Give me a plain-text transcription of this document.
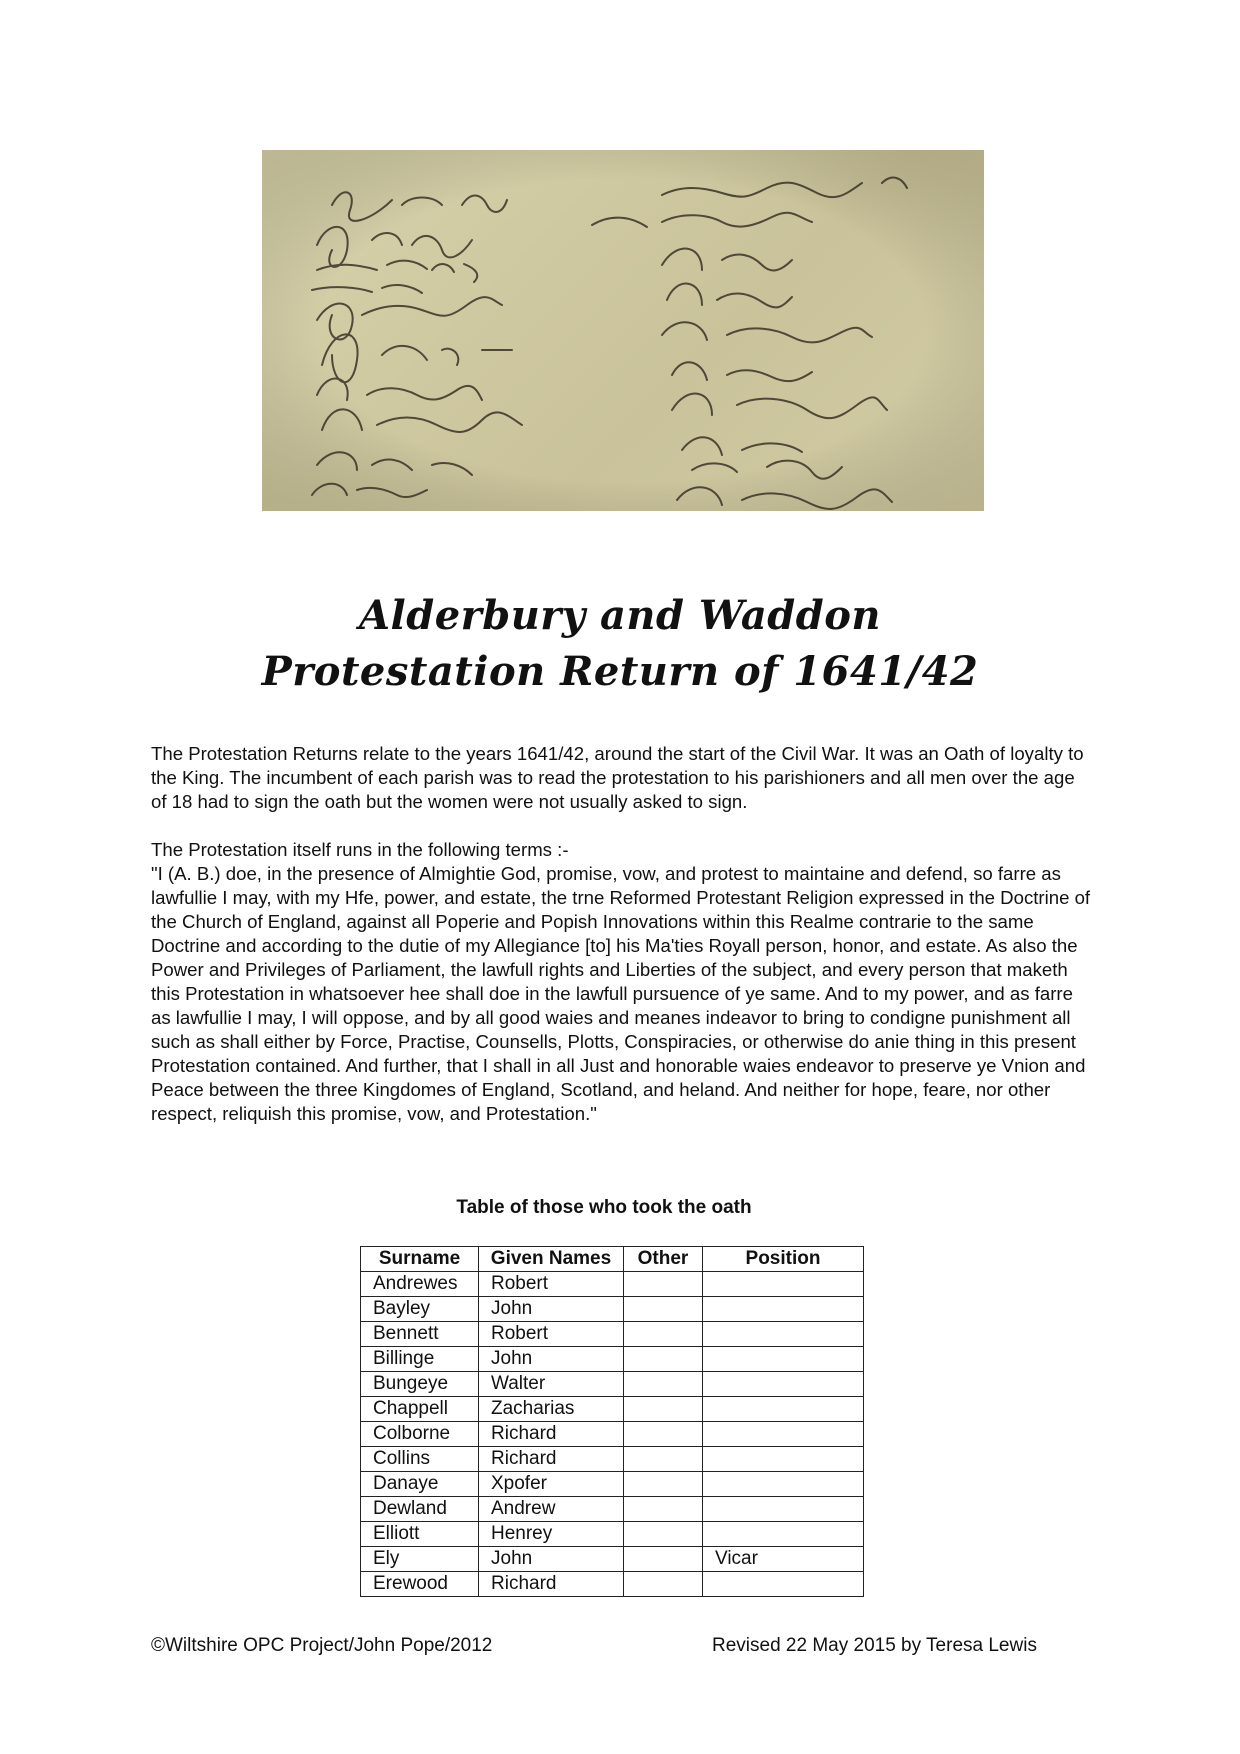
Alderbury and Waddon
Protestation Return of 1641/42

The Protestation Returns relate to the years 1641/42, around the start of the Civil War. It was an Oath of loyalty to the King. The incumbent of each parish was to read the protestation to his parishioners and all men over the age of 18 had to sign the oath but the women were not usually asked to sign.

The Protestation itself runs in the following terms :-

"I (A. B.) doe, in the presence of Almightie God, promise, vow, and protest to maintaine and defend, so farre as lawfullie I may, with my Hfe, power, and estate, the trne Reformed Protestant Religion expressed in the Doctrine of the Church of England, against all Poperie and Popish Innovations within this Realme contrarie to the same Doctrine and according to the dutie of my Allegiance [to] his Ma'ties Royall person, honor, and estate. As also the Power and Privileges of Parliament, the lawfull rights and Liberties of the subject, and every person that maketh this Protestation in whatsoever hee shall doe in the lawfull pursuence of ye same. And to my power, and as farre as lawfullie I may, I will oppose, and by all good waies and meanes indeavor to bring to condigne punishment all such as shall either by Force, Practise, Counsells, Plotts, Conspiracies, or otherwise do anie thing in this present Protestation contained. And further, that I shall in all Just and honorable waies endeavor to preserve ye Vnion and Peace between the three Kingdomes of England, Scotland, and heland. And neither for hope, feare, nor other respect, reliquish this promise, vow, and Protestation."

Table of those who took the oath
Surname	Given Names	Other	Position
Andrewes	Robert		
Bayley	John		
Bennett	Robert		
Billinge	John		
Bungeye	Walter		
Chappell	Zacharias		
Colborne	Richard		
Collins	Richard		
Danaye	Xpofer		
Dewland	Andrew		
Elliott	Henrey		
Ely	John		Vicar
Erewood	Richard		
©Wiltshire OPC Project/John Pope/2012	Revised 22 May 2015 by Teresa Lewis
